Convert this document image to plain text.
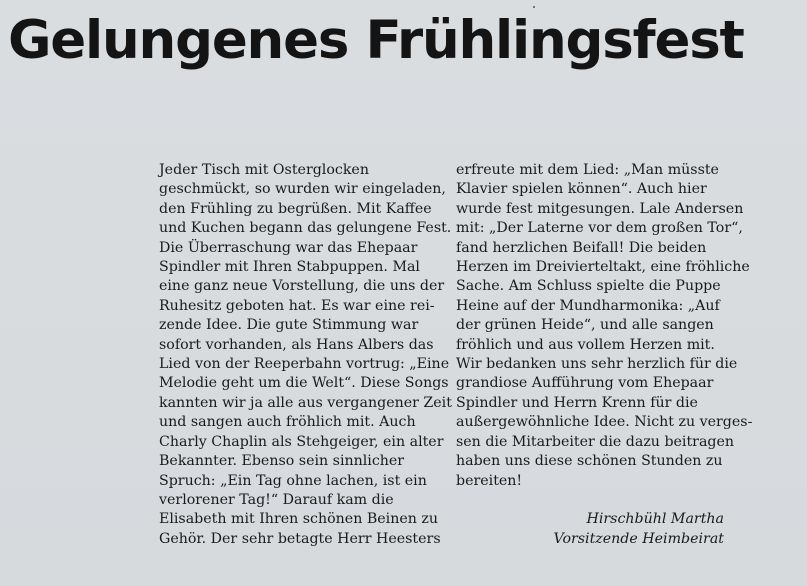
Gelungenes Frühlingsfest
Jeder Tisch mit Osterglocken
geschmückt, so wurden wir eingeladen,
den Frühling zu begrüßen. Mit Kaffee
und Kuchen begann das gelungene Fest.
Die Überraschung war das Ehepaar
Spindler mit Ihren Stabpuppen. Mal
eine ganz neue Vorstellung, die uns der
Ruhesitz geboten hat. Es war eine rei-
zende Idee. Die gute Stimmung war
sofort vorhanden, als Hans Albers das
Lied von der Reeperbahn vortrug: „Eine
Melodie geht um die Welt“. Diese Songs
kannten wir ja alle aus vergangener Zeit
und sangen auch fröhlich mit. Auch
Charly Chaplin als Stehgeiger, ein alter
Bekannter. Ebenso sein sinnlicher
Spruch: „Ein Tag ohne lachen, ist ein
verlorener Tag!“ Darauf kam die
Elisabeth mit Ihren schönen Beinen zu
Gehör. Der sehr betagte Herr Heesters
erfreute mit dem Lied: „Man müsste
Klavier spielen können“. Auch hier
wurde fest mitgesungen. Lale Andersen
mit: „Der Laterne vor dem großen Tor“,
fand herzlichen Beifall! Die beiden
Herzen im Dreivierteltakt, eine fröhliche
Sache. Am Schluss spielte die Puppe
Heine auf der Mundharmonika: „Auf
der grünen Heide“, und alle sangen
fröhlich und aus vollem Herzen mit.
Wir bedanken uns sehr herzlich für die
grandiose Aufführung vom Ehepaar
Spindler und Herrn Krenn für die
außergewöhnliche Idee. Nicht zu verges-
sen die Mitarbeiter die dazu beitragen
haben uns diese schönen Stunden zu
bereiten!
Hirschbühl Martha
Vorsitzende Heimbeirat
